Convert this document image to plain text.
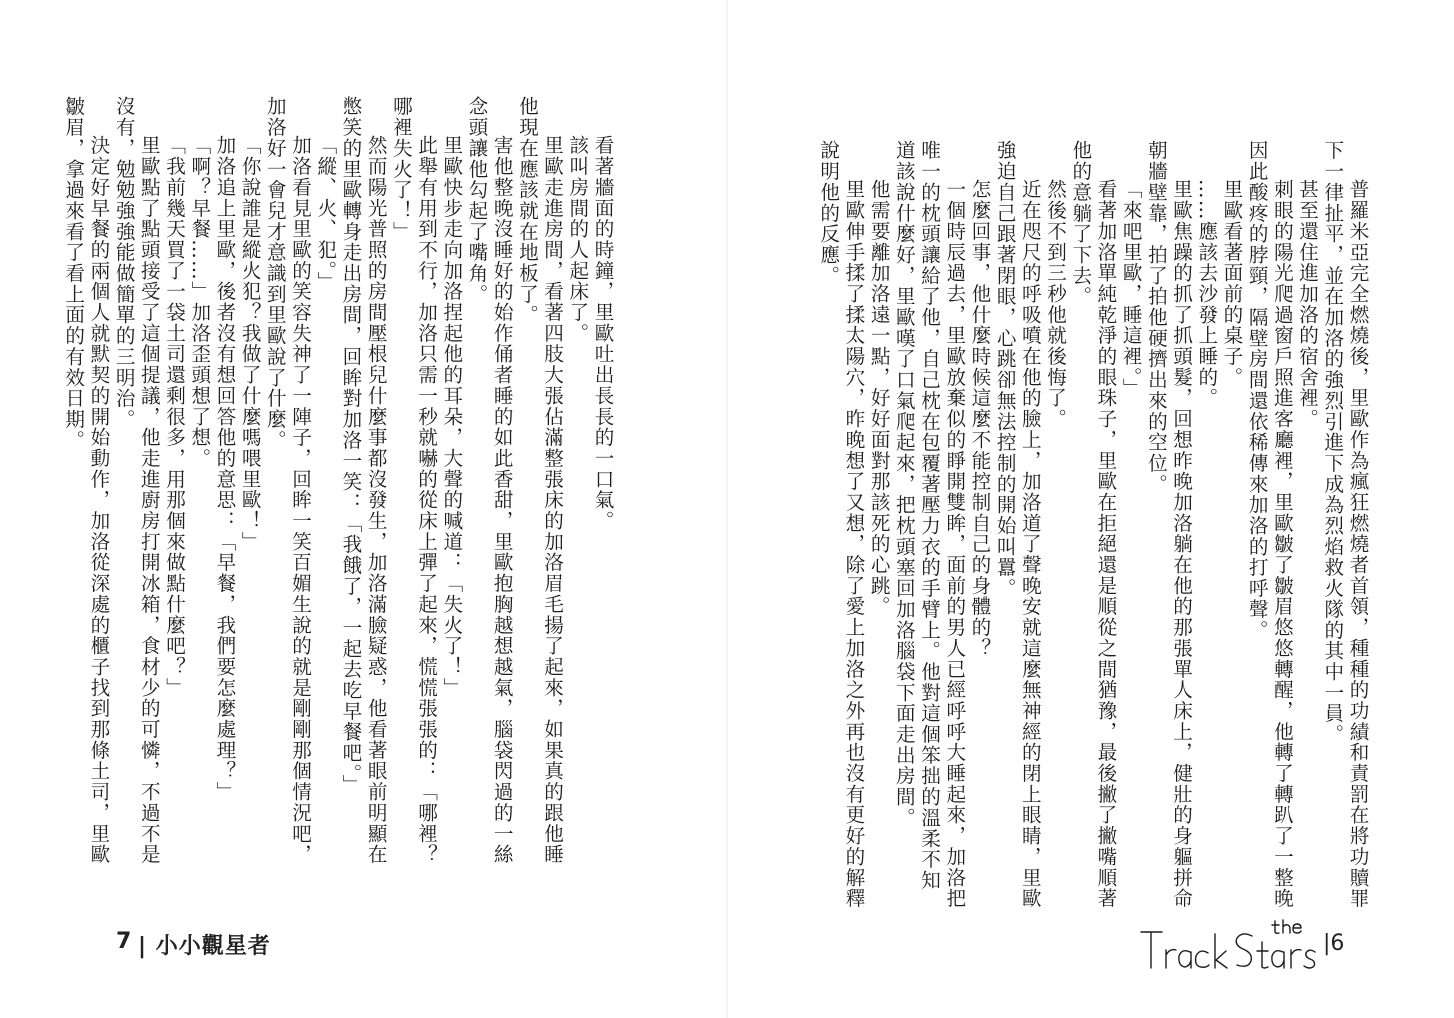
看著牆面的時鐘，里歐吐出長長的一口氣。

該叫房間的人起床了。

里歐走進房間，看著四肢大張佔滿整張床的加洛眉毛揚了起來，如果真的跟他睡他現在應該就在地板了。

害他整晚沒睡好的始作俑者睡的如此香甜，里歐抱胸越想越氣，腦袋閃過的一絲念頭讓他勾起了嘴角。

里歐快步走向加洛捏起他的耳朵，大聲的喊道：「失火了！」

此舉有用到不行，加洛只需一秒就嚇的從床上彈了起來，慌慌張張的：「哪裡？哪裡失火了！」

然而陽光普照的房間壓根兒什麼事都沒發生，加洛滿臉疑惑，他看著眼前明顯在憋笑的里歐轉身走出房間，回眸對加洛一笑：「我餓了，一起去吃早餐吧。」

「縱、火、犯。」

加洛看見里歐的笑容失神了一陣子，回眸一笑百媚生說的就是剛剛那個情況吧，加洛好一會兒才意識到里歐說了什麼。

「你說誰是縱火犯？我做了什麼嗎喂里歐！」

加洛追上里歐，後者沒有想回答他的意思：「早餐，我們要怎麼處理？」

「啊？早餐……」加洛歪頭想了想。

「我前幾天買了一袋土司還剩很多，用那個來做點什麼吧？」

里歐點了點頭接受了這個提議，他走進廚房打開冰箱，食材少的可憐，不過不是沒有，勉勉強強能做簡單的三明治。

決定好早餐的兩個人就默契的開始動作，加洛從深處的櫃子找到那條土司，里歐皺眉，拿過來看了看上面的有效日期。

7 | 小小觀星者

普羅米亞完全燃燒後，里歐作為瘋狂燃燒者首領，種種的功績和責罰在將功贖罪下一律扯平，並在加洛的強烈引進下成為烈焰救火隊的其中一員。

甚至還住進加洛的宿舍裡。

刺眼的陽光爬過窗戶照進客廳裡，里歐皺了皺眉悠悠轉醒，他轉了轉趴了一整晚因此酸疼的脖頸，隔壁房間還依稀傳來加洛的打呼聲。

里歐看著面前的桌子。

……應該去沙發上睡的。

里歐焦躁的抓了抓頭髮，回想昨晚加洛躺在他的那張單人床上，健壯的身軀拼命朝牆壁靠，拍了拍他硬擠出來的空位。

「來吧里歐，睡這裡。」

看著加洛單純乾淨的眼珠子，里歐在拒絕還是順從之間猶豫，最後撇了撇嘴順著他的意躺了下去。

然後不到三秒他就後悔了。

近在咫尺的呼吸噴在他的臉上，加洛道了聲晚安就這麼無神經的閉上眼睛，里歐強迫自己跟著閉眼，心跳卻無法控制的開始叫囂。

怎麼回事，他什麼時候這麼不能控制自己的身體的？

一個時辰過去，里歐放棄似的睜開雙眸，面前的男人已經呼呼大睡起來，加洛把唯一的枕頭讓給了他，自己枕在包覆著壓力衣的手臂上。他對這個笨拙的溫柔不知道該說什麼好，里歐嘆了口氣爬起來，把枕頭塞回加洛腦袋下面走出房間。

他需要離加洛遠一點，好好面對那該死的心跳。

里歐伸手揉了揉太陽穴，昨晚想了又想，除了愛上加洛之外再也沒有更好的解釋說明他的反應。

the Track Stars
|6
